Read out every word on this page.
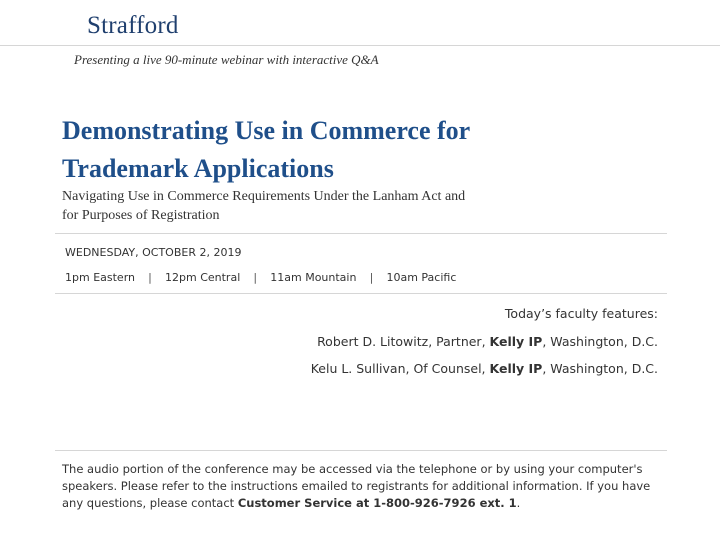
Strafford
Presenting a live 90-minute webinar with interactive Q&A
Demonstrating Use in Commerce for
Trademark Applications
Navigating Use in Commerce Requirements Under the Lanham Act and
for Purposes of Registration
WEDNESDAY, OCTOBER 2, 2019
1pm Eastern | 12pm Central | 11am Mountain | 10am Pacific
Today’s faculty features:
Robert D. Litowitz, Partner, Kelly IP, Washington, D.C.
Kelu L. Sullivan, Of Counsel, Kelly IP, Washington, D.C.
The audio portion of the conference may be accessed via the telephone or by using your computer's speakers. Please refer to the instructions emailed to registrants for additional information. If you have any questions, please contact Customer Service at 1-800-926-7926 ext. 1.
